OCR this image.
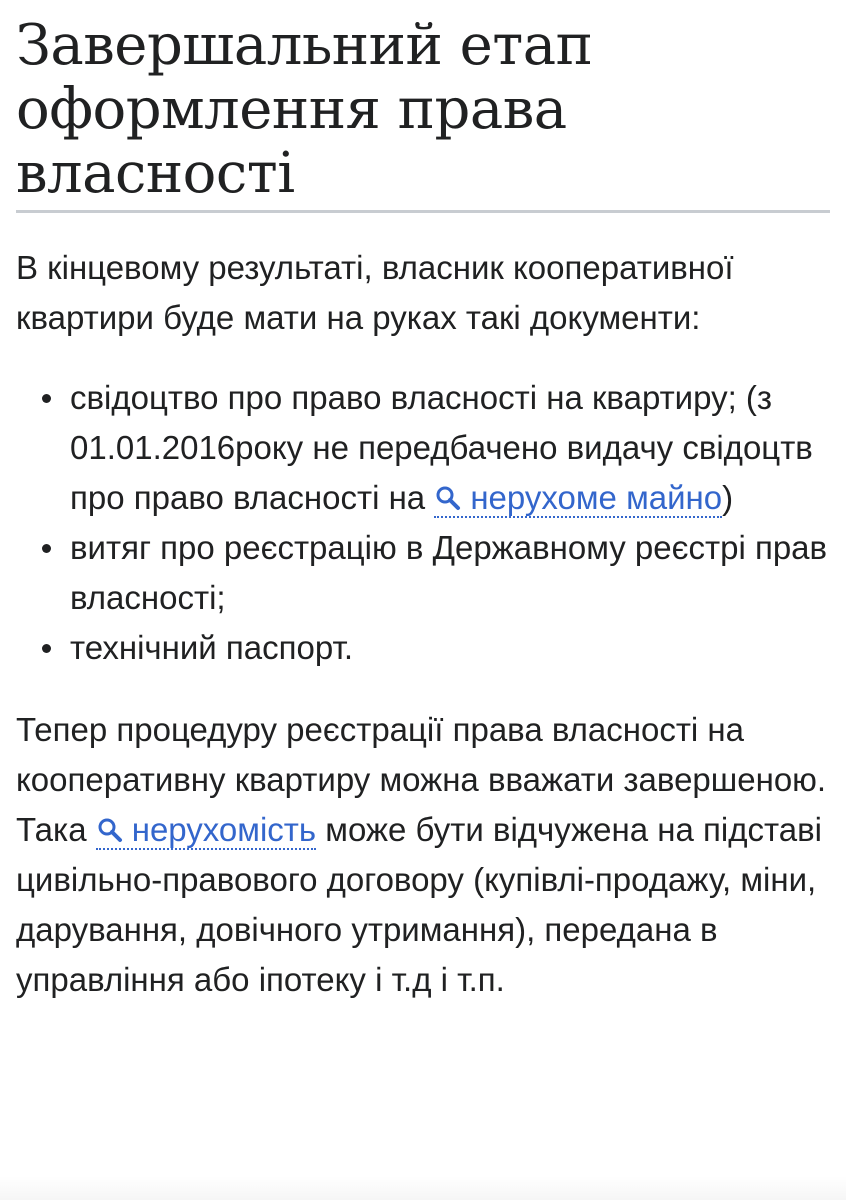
Завершальний етап оформлення права власності

В кінцевому результаті, власник кооперативної квартири буде мати на руках такі документи:

свідоцтво про право власності на квартиру; (з 01.01.2016року не передбачено видачу свідоцтв про право власності на нерухоме майно)
витяг про реєстрацію в Державному реєстрі прав власності;
технічний паспорт.

Тепер процедуру реєстрації права власності на кооперативну квартиру можна вважати завершеною. Така нерухомість може бути відчужена на підставі цивільно-правового договору (купівлі-продажу, міни, дарування, довічного утримання), передана в управління або іпотеку і т.д і т.п.
